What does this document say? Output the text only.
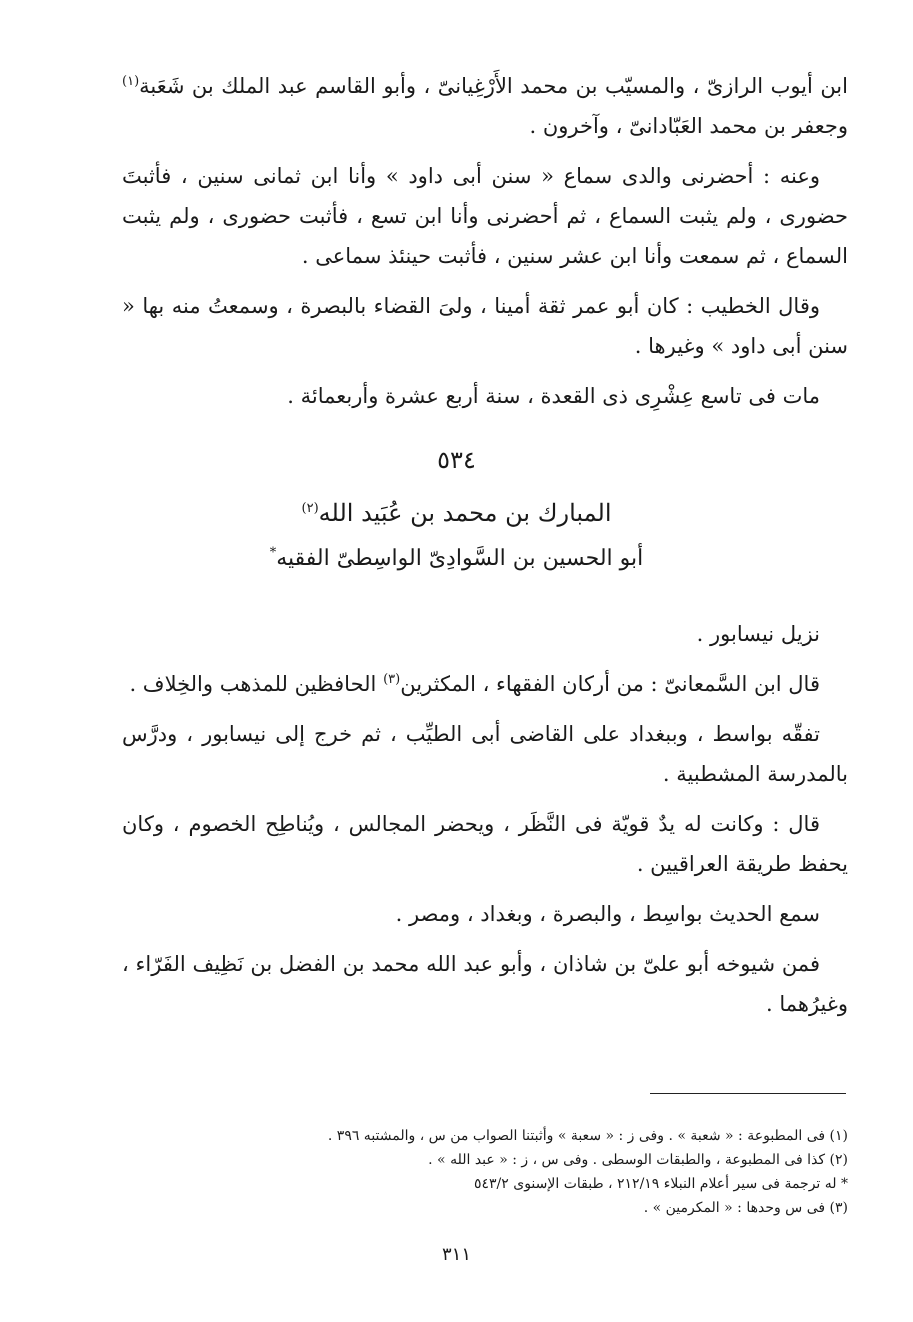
ابن أيوب الرازىّ ، والمسيّب بن محمد الأَرْغِيانىّ ، وأبو القاسم عبد الملك بن شَعَبة$^{(١)}$ وجعفر بن محمد العَبّادانىّ ، وآخرون .

وعنه : أحضرنى والدى سماع « سنن أبى داود » وأنا ابن ثمانى سنين ، فأثبتَ حضورى ، ولم يثبت السماع ، ثم أحضرنى وأنا ابن تسع ، فأثبت حضورى ، ولم يثبت السماع ، ثم سمعت وأنا ابن عشر سنين ، فأثبت حينئذ سماعى .

وقال الخطيب : كان أبو عمر ثقة أمينا ، ولىَ القضاء بالبصرة ، وسمعتُ منه بها « سنن أبى داود » وغيرها .

مات فى تاسع عِشْرِى ذى القعدة ، سنة أربع عشرة وأربعمائة .

٥٣٤
المبارك بن محمد بن عُبَيد الله$^{(٢)}$
أبو الحسين بن السَّوادِىّ الواسِطىّ الفقيه*

نزيل نيسابور .

قال ابن السَّمعانىّ : من أركان الفقهاء ، المكثرين$^{(٣)}$ الحافظين للمذهب والخِلاف .

تفقّه بواسط ، وببغداد على القاضى أبى الطيِّب ، ثم خرج إلى نيسابور ، ودرَّس بالمدرسة المشطبية .

قال : وكانت له يدٌ قويّة فى النَّظَر ، ويحضر المجالس ، ويُناطِح الخصوم ، وكان يحفظ طريقة العراقيين .

سمع الحديث بواسِط ، والبصرة ، وبغداد ، ومصر .

فمن شيوخه أبو علىّ بن شاذان ، وأبو عبد الله محمد بن الفضل بن نَظِيف الفَرّاء ، وغيرُهما .

(١) فى المطبوعة : « شعبة » . وفى ز : « سعبة » وأثبتنا الصواب من س ، والمشتبه ٣٩٦ .
(٢) كذا فى المطبوعة ، والطبقات الوسطى . وفى س ، ز : « عبد الله » .
* له ترجمة فى سير أعلام النبلاء ٢١٢/١٩ ، طبقات الإسنوى ٥٤٣/٢
(٣) فى س وحدها : « المكرمين » .
٣١١
